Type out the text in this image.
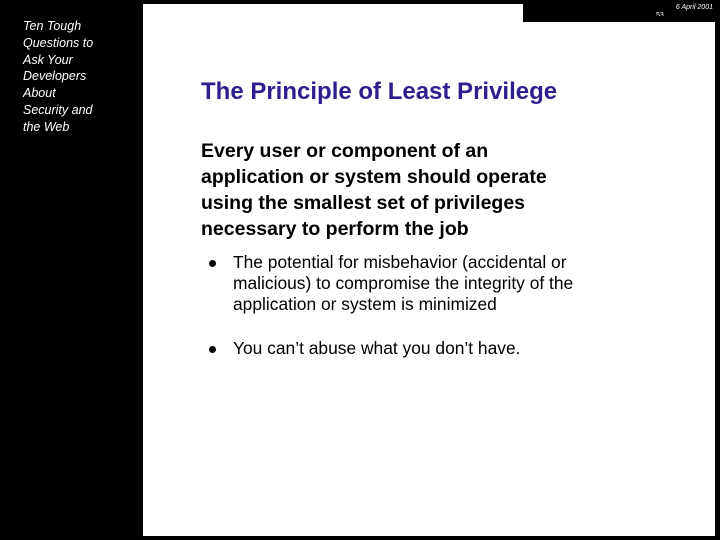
Ten Tough
Questions to
Ask Your
Developers
About
Security and
the Web
The Principle of Least Privilege
Every user or component of an
application or system should operate
using the smallest set of privileges
necessary to perform the job
The potential for misbehavior (accidental or
malicious) to compromise the integrity of the
application or system is minimized
You can’t abuse what you don’t have.
6 April 2001
53
